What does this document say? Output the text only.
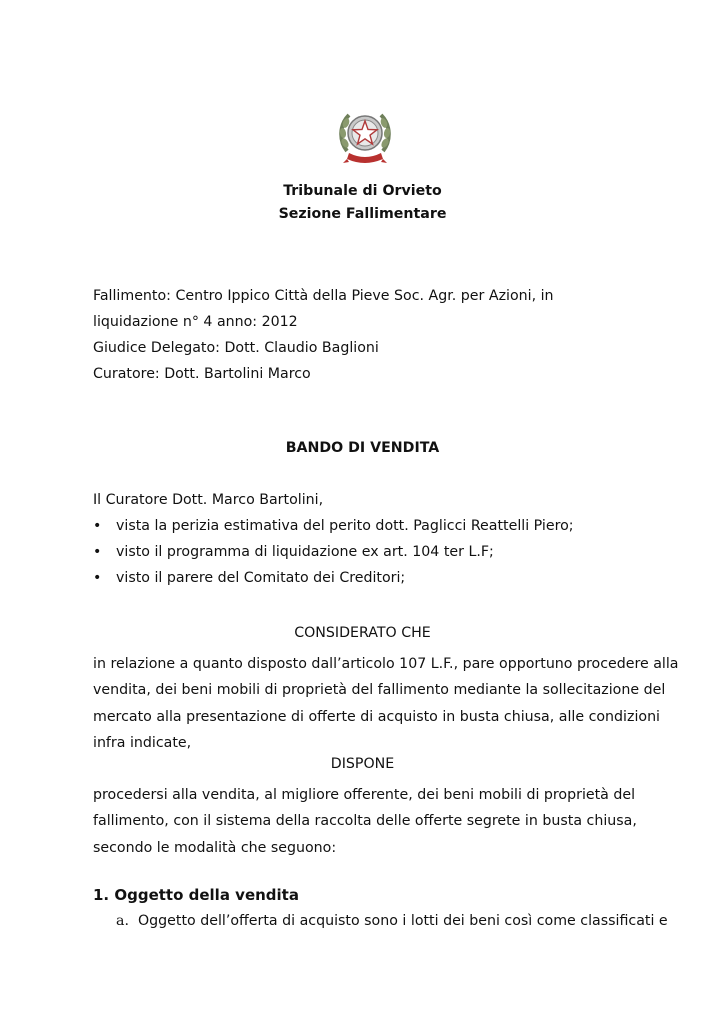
Tribunale di Orvieto
Sezione Fallimentare
Fallimento: Centro Ippico Città della Pieve Soc. Agr. per Azioni, in
liquidazione n° 4 anno: 2012
Giudice Delegato: Dott. Claudio Baglioni
Curatore: Dott. Bartolini Marco
BANDO DI VENDITA
Il Curatore Dott. Marco Bartolini,
• vista la perizia estimativa del perito dott. Paglicci Reattelli Piero;
• visto il programma di liquidazione ex art. 104 ter L.F;
• visto il parere del Comitato dei Creditori;
CONSIDERATO CHE
in relazione a quanto disposto dall’articolo 107 L.F., pare opportuno procedere alla
vendita, dei beni mobili di proprietà del fallimento mediante la sollecitazione del
mercato alla presentazione di offerte di acquisto in busta chiusa, alle condizioni
infra indicate,
DISPONE
procedersi alla vendita, al migliore offerente, dei beni mobili di proprietà del
fallimento, con il sistema della raccolta delle offerte segrete in busta chiusa,
secondo le modalità che seguono:
1. Oggetto della vendita
a. Oggetto dell’offerta di acquisto sono i lotti dei beni così come classificati e
